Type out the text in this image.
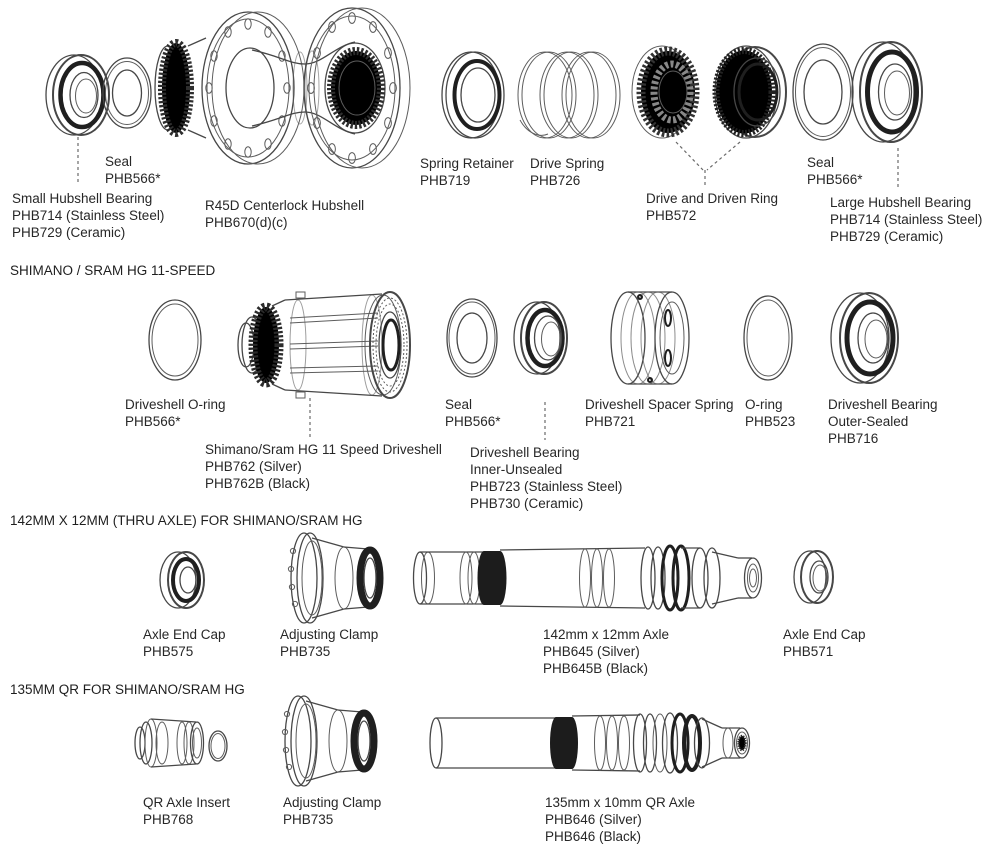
SHIMANO / SRAM HG 11-SPEED
142MM X 12MM (THRU AXLE) FOR SHIMANO/SRAM HG
135MM QR FOR SHIMANO/SRAM HG
Seal
PHB566*
Small Hubshell Bearing
PHB714 (Stainless Steel)
PHB729 (Ceramic)
R45D Centerlock Hubshell
PHB670(d)(c)
Spring Retainer
PHB719
Drive Spring
PHB726
Drive and Driven Ring
PHB572
Seal
PHB566*
Large Hubshell Bearing
PHB714 (Stainless Steel)
PHB729 (Ceramic)
Driveshell O-ring
PHB566*
Shimano/Sram HG 11 Speed Driveshell
PHB762 (Silver)
PHB762B (Black)
Seal
PHB566*
Driveshell Bearing
Inner-Unsealed
PHB723 (Stainless Steel)
PHB730 (Ceramic)
Driveshell Spacer Spring
PHB721
O-ring
PHB523
Driveshell Bearing
Outer-Sealed
PHB716
Axle End Cap
PHB575
Adjusting Clamp
PHB735
142mm x 12mm Axle
PHB645 (Silver)
PHB645B (Black)
Axle End Cap
PHB571
QR Axle Insert
PHB768
Adjusting Clamp
PHB735
135mm x 10mm QR Axle
PHB646 (Silver)
PHB646 (Black)
